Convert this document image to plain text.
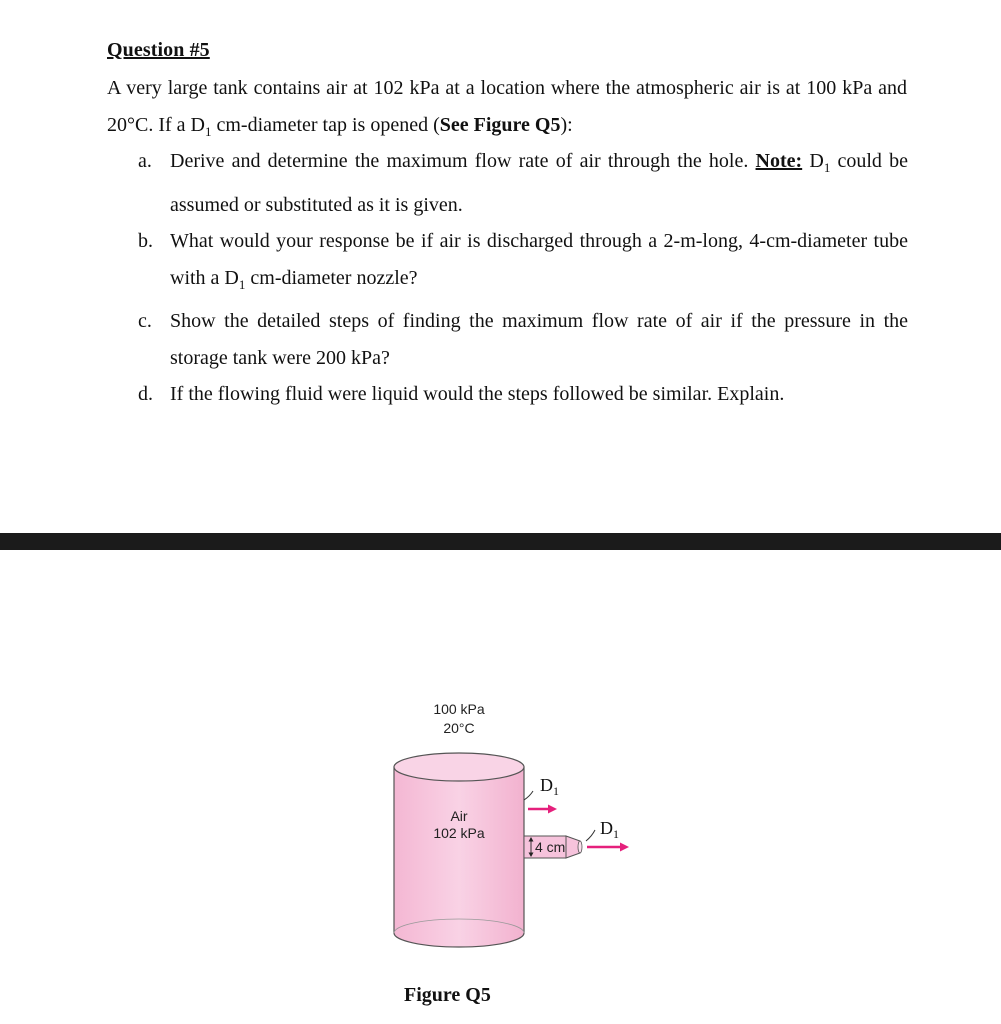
Question #5
A very large tank contains air at 102 kPa at a location where the atmospheric air is at 100 kPa and 20°C. If a $D_1$ cm-diameter tap is opened (See Figure Q5):
a. Derive and determine the maximum flow rate of air through the hole. Note: $D_1$ could be assumed or substituted as it is given.
b. What would your response be if air is discharged through a 2-m-long, 4-cm-diameter tube with a $D_1$ cm-diameter nozzle?
c. Show the detailed steps of finding the maximum flow rate of air if the pressure in the storage tank were 200 kPa?
d. If the flowing fluid were liquid would the steps followed be similar. Explain.
100 kPa
20°C
Air
102 kPa
$D_1$
4 cm
$D_1$
Figure Q5
